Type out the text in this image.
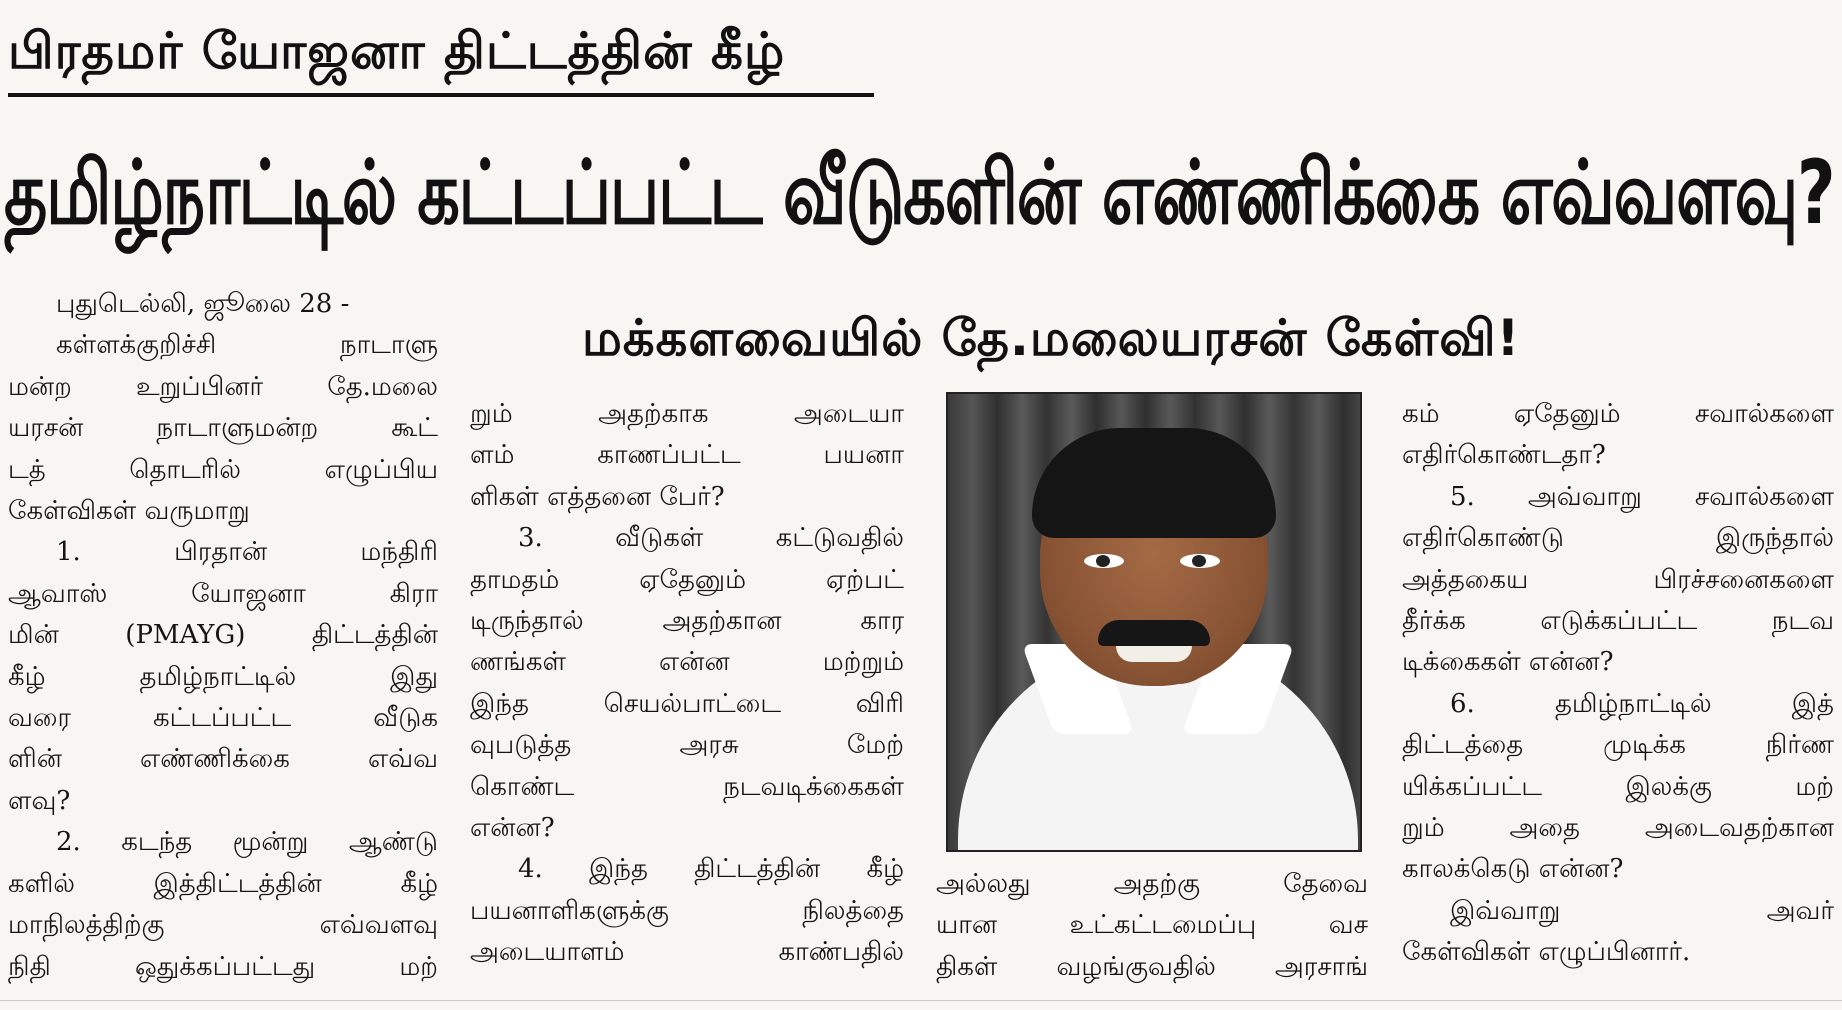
பிரதமர் யோஜனா திட்டத்தின் கீழ்
தமிழ்நாட்டில் கட்டப்பட்ட வீடுகளின் எண்ணிக்கை எவ்வளவு?
மக்களவையில் தே.மலையரசன் கேள்வி!
புதுடெல்லி, ஜூலை 28 -
கள்ளக்குறிச்சி நாடாளு
மன்ற உறுப்பினர் தே.மலை
யரசன் நாடாளுமன்ற கூட்
டத் தொடரில் எழுப்பிய
கேள்விகள் வருமாறு
1. பிரதான் மந்திரி
ஆவாஸ் யோஜனா கிரா
மின் (PMAYG) திட்டத்தின்
கீழ் தமிழ்நாட்டில் இது
வரை கட்டப்பட்ட வீடுக
ளின் எண்ணிக்கை எவ்வ
ளவு?
2. கடந்த மூன்று ஆண்டு
களில் இத்திட்டத்தின் கீழ்
மாநிலத்திற்கு எவ்வளவு
நிதி ஒதுக்கப்பட்டது மற்
றும் அதற்காக அடையா
ளம் காணப்பட்ட பயனா
ளிகள் எத்தனை பேர்?
3. வீடுகள் கட்டுவதில்
தாமதம் ஏதேனும் ஏற்பட்
டிருந்தால் அதற்கான கார
ணங்கள் என்ன மற்றும்
இந்த செயல்பாட்டை விரி
வுபடுத்த அரசு மேற்
கொண்ட நடவடிக்கைகள்
என்ன?
4. இந்த திட்டத்தின் கீழ்
பயனாளிகளுக்கு நிலத்தை
அடையாளம் காண்பதில்
அல்லது அதற்கு தேவை
யான உட்கட்டமைப்பு வச
திகள் வழங்குவதில் அரசாங்
கம் ஏதேனும் சவால்களை
எதிர்கொண்டதா?
5. அவ்வாறு சவால்களை
எதிர்கொண்டு இருந்தால்
அத்தகைய பிரச்சனைகளை
தீர்க்க எடுக்கப்பட்ட நடவ
டிக்கைகள் என்ன?
6. தமிழ்நாட்டில் இத்
திட்டத்தை முடிக்க நிர்ண
யிக்கப்பட்ட இலக்கு மற்
றும் அதை அடைவதற்கான
காலக்கெடு என்ன?
இவ்வாறு அவர்
கேள்விகள் எழுப்பினார்.
